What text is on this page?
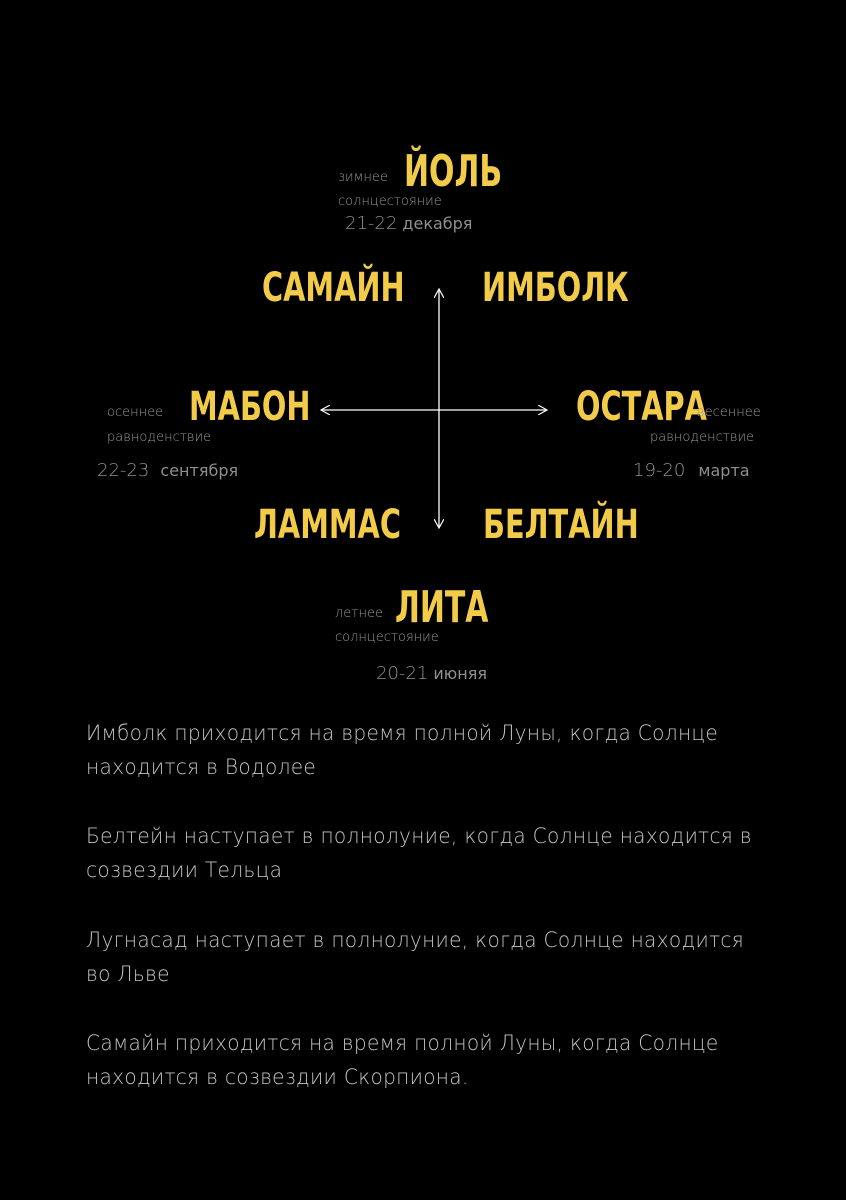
зимнее ЙОЛЬ
солнцестояние
21-22 декабря
САМАЙН ИМБОЛК
осеннее МАБОН
равноденствие
22-23 сентября
ОСТАРА
весеннее
равноденствие
19-20 марта
ЛАММАС БЕЛТАЙН
летнее ЛИТА
солнцестояние
20-21 июняя
Имболк приходится на время полной Луны, когда Солнце находится в Водолее
Белтейн наступает в полнолуние, когда Солнце находится в созвездии Тельца
Лугнасад наступает в полнолуние, когда Солнце находится во Льве
Самайн приходится на время полной Луны, когда Солнце находится в созвездии Скорпиона.
